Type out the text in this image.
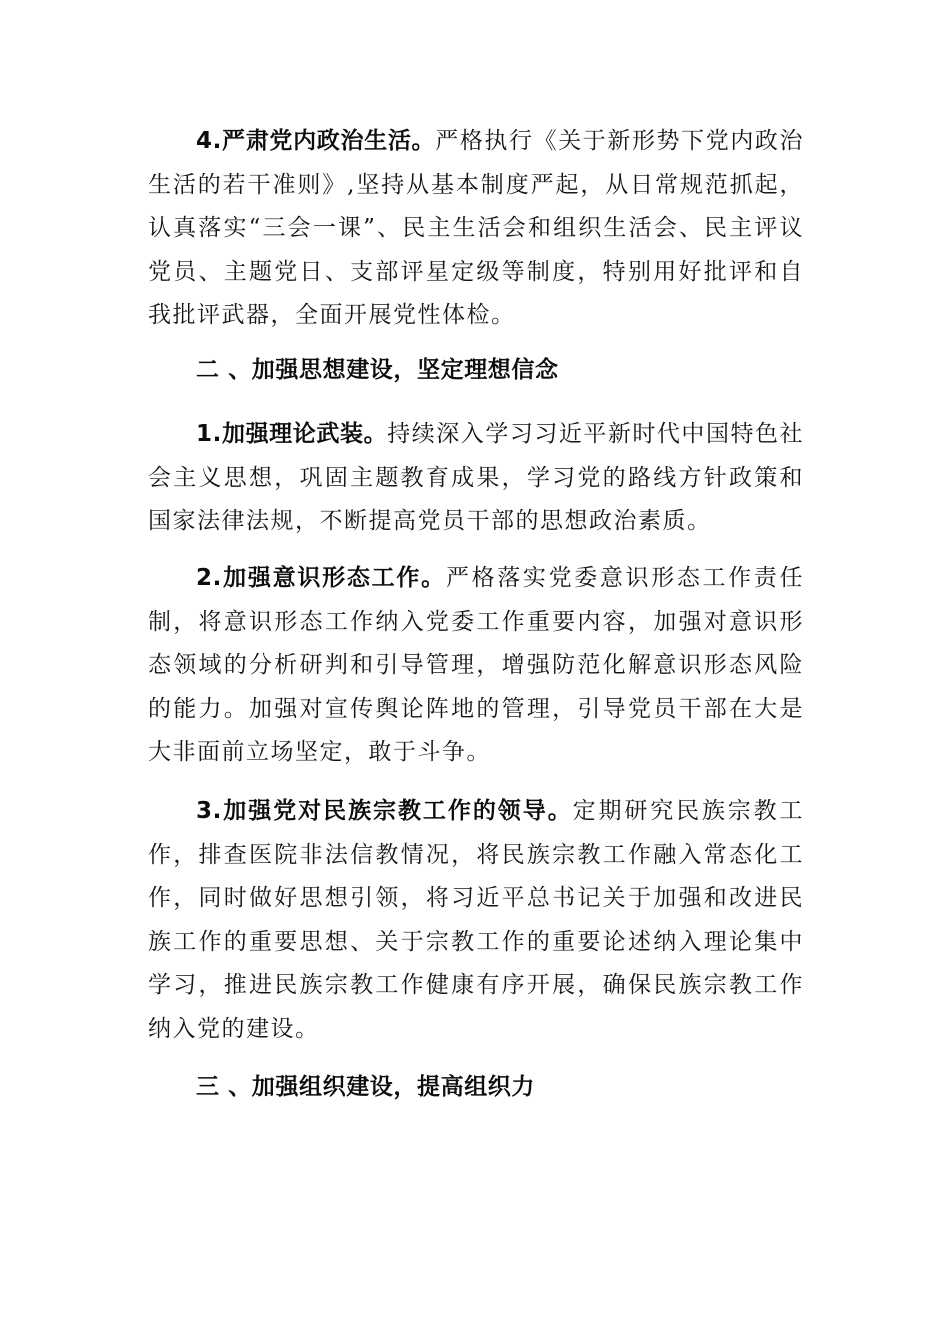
4.严肃党内政治生活。严格执行《关于新形势下党内政治生活的若干准则》,坚持从基本制度严起，从日常规范抓起，认真落实“三会一课”、民主生活会和组织生活会、民主评议党员、主题党日、支部评星定级等制度，特别用好批评和自我批评武器，全面开展党性体检。

二 、加强思想建设，坚定理想信念

1.加强理论武装。持续深入学习习近平新时代中国特色社会主义思想，巩固主题教育成果，学习党的路线方针政策和国家法律法规，不断提高党员干部的思想政治素质。

2.加强意识形态工作。严格落实党委意识形态工作责任制，将意识形态工作纳入党委工作重要内容，加强对意识形态领域的分析研判和引导管理，增强防范化解意识形态风险的能力。加强对宣传舆论阵地的管理，引导党员干部在大是大非面前立场坚定，敢于斗争。

3.加强党对民族宗教工作的领导。定期研究民族宗教工作，排查医院非法信教情况，将民族宗教工作融入常态化工作，同时做好思想引领，将习近平总书记关于加强和改进民族工作的重要思想、关于宗教工作的重要论述纳入理论集中学习，推进民族宗教工作健康有序开展，确保民族宗教工作纳入党的建设。

三 、加强组织建设，提高组织力
